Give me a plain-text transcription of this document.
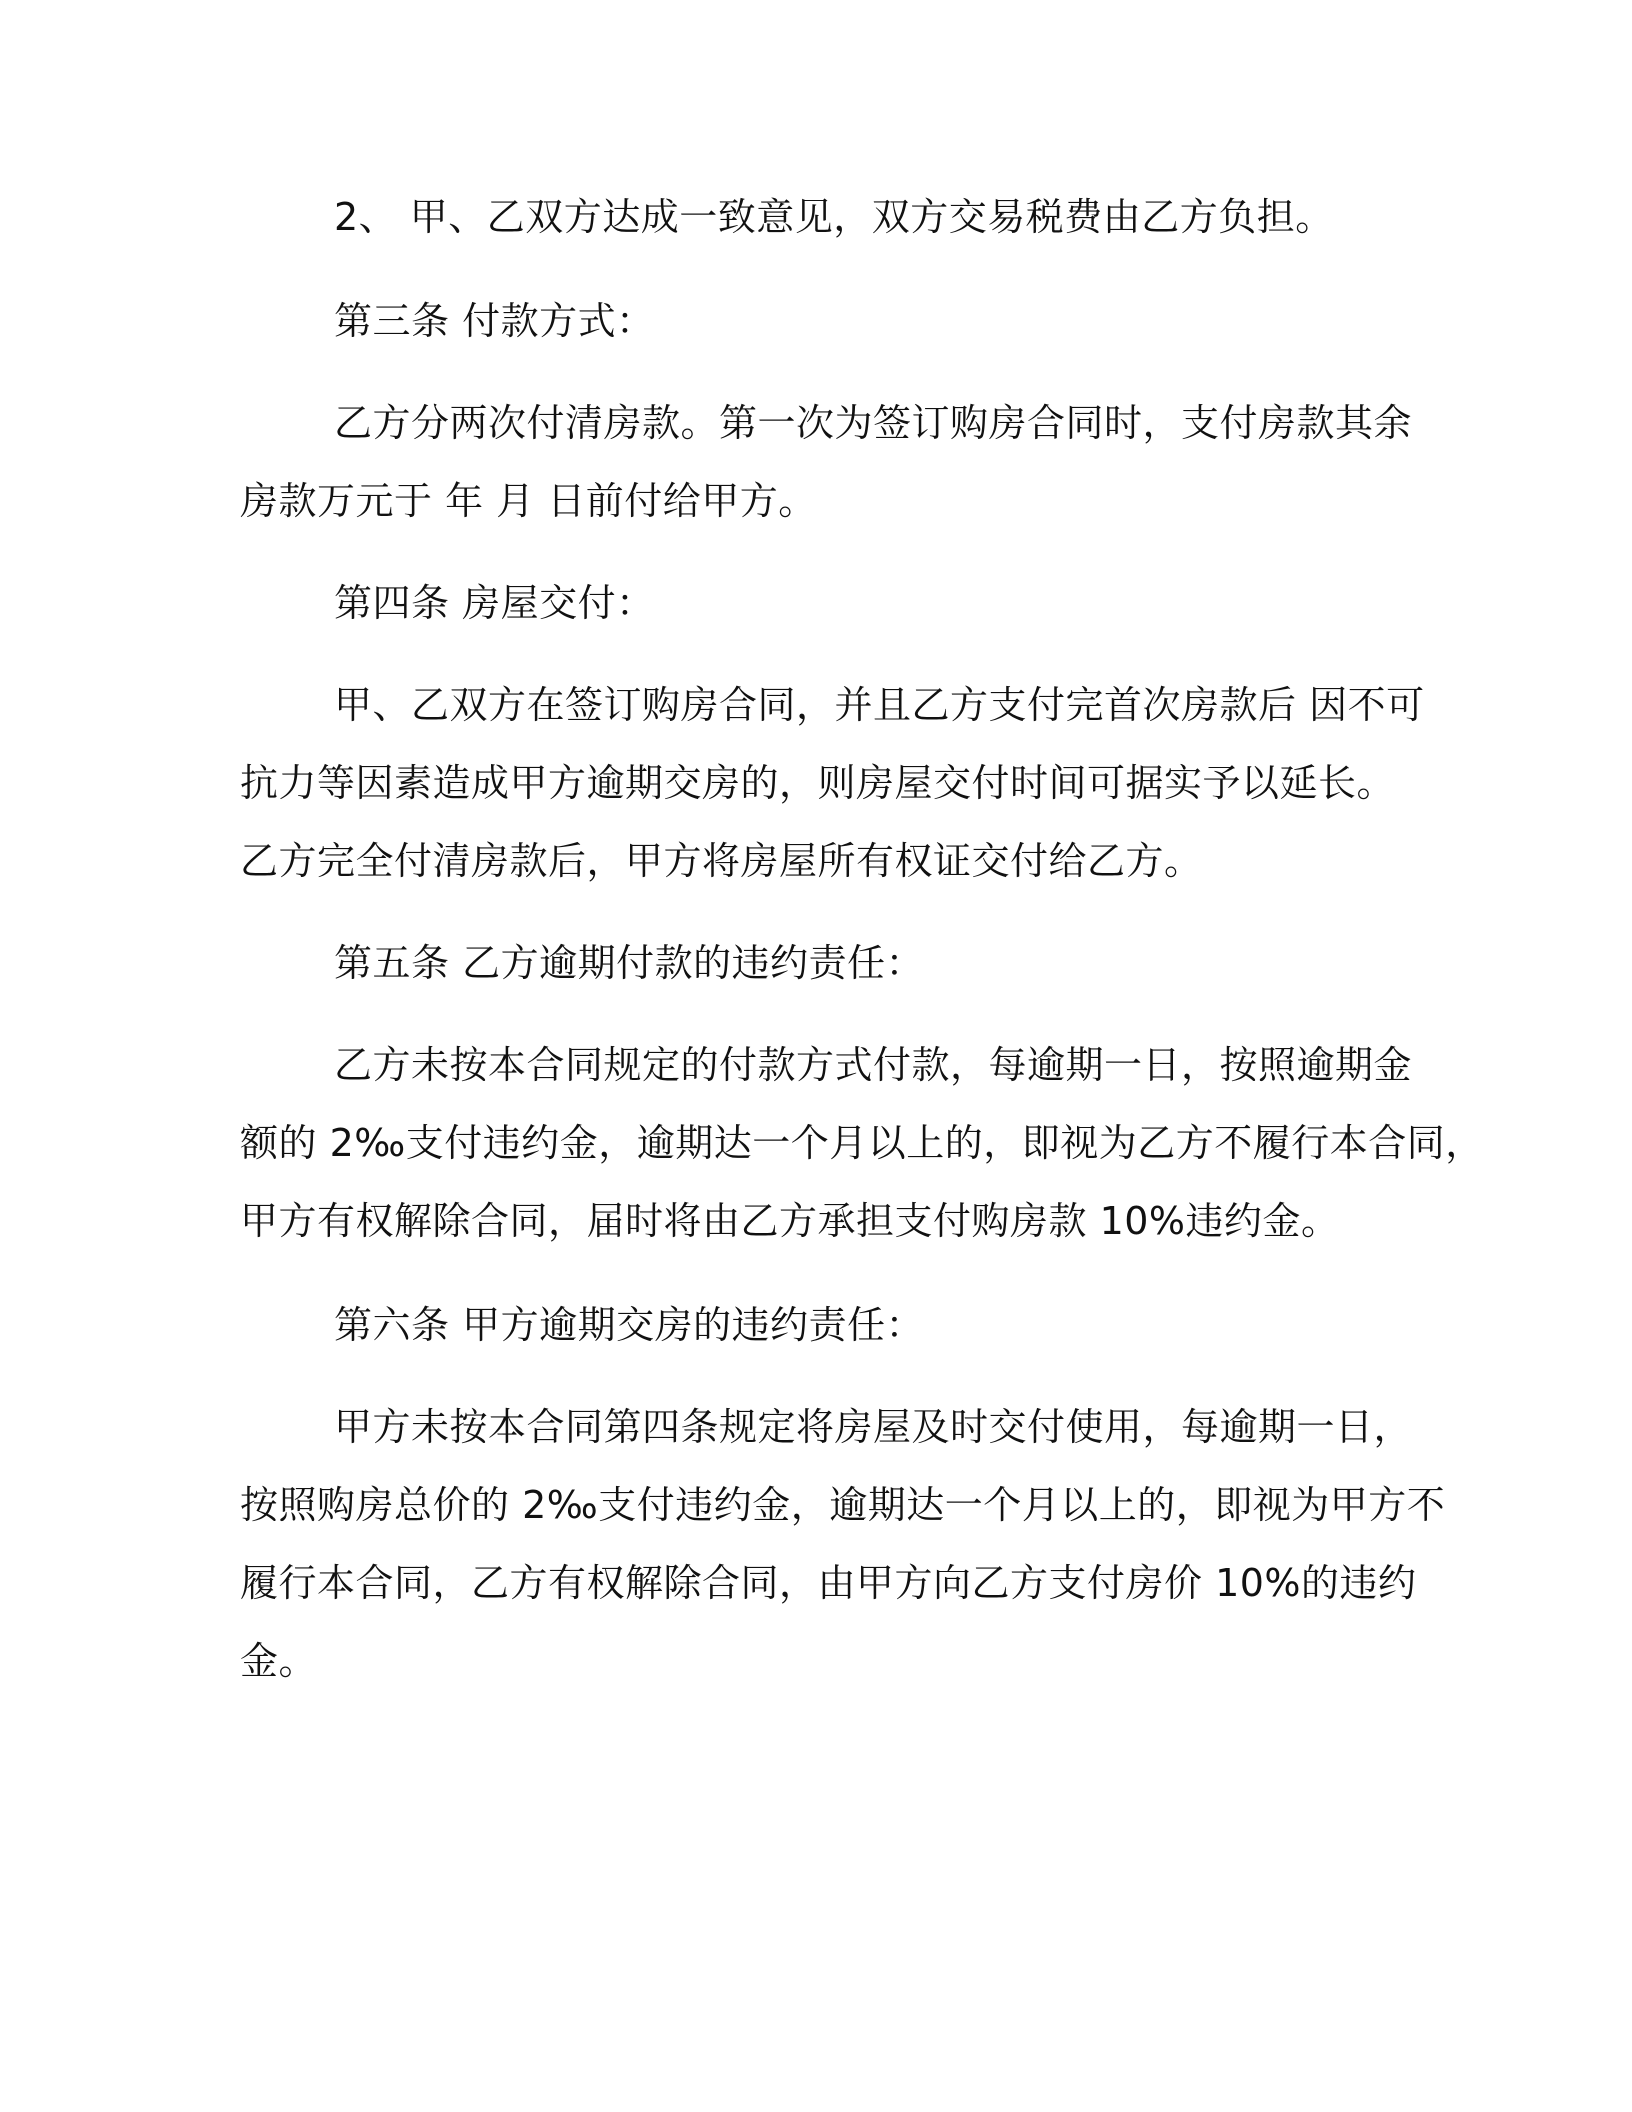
2、 甲、乙双方达成一致意见，双方交易税费由乙方负担。
第三条 付款方式：
乙方分两次付清房款。第一次为签订购房合同时，支付房款其余
房款万元于 年 月 日前付给甲方。
第四条 房屋交付：
甲、乙双方在签订购房合同，并且乙方支付完首次房款后 因不可
抗力等因素造成甲方逾期交房的，则房屋交付时间可据实予以延长。
乙方完全付清房款后，甲方将房屋所有权证交付给乙方。
第五条 乙方逾期付款的违约责任：
乙方未按本合同规定的付款方式付款，每逾期一日，按照逾期金
额的 2‰支付违约金，逾期达一个月以上的，即视为乙方不履行本合同，
甲方有权解除合同，届时将由乙方承担支付购房款 10%违约金。
第六条 甲方逾期交房的违约责任：
甲方未按本合同第四条规定将房屋及时交付使用，每逾期一日，
按照购房总价的 2‰支付违约金，逾期达一个月以上的，即视为甲方不
履行本合同，乙方有权解除合同，由甲方向乙方支付房价 10%的违约
金。
